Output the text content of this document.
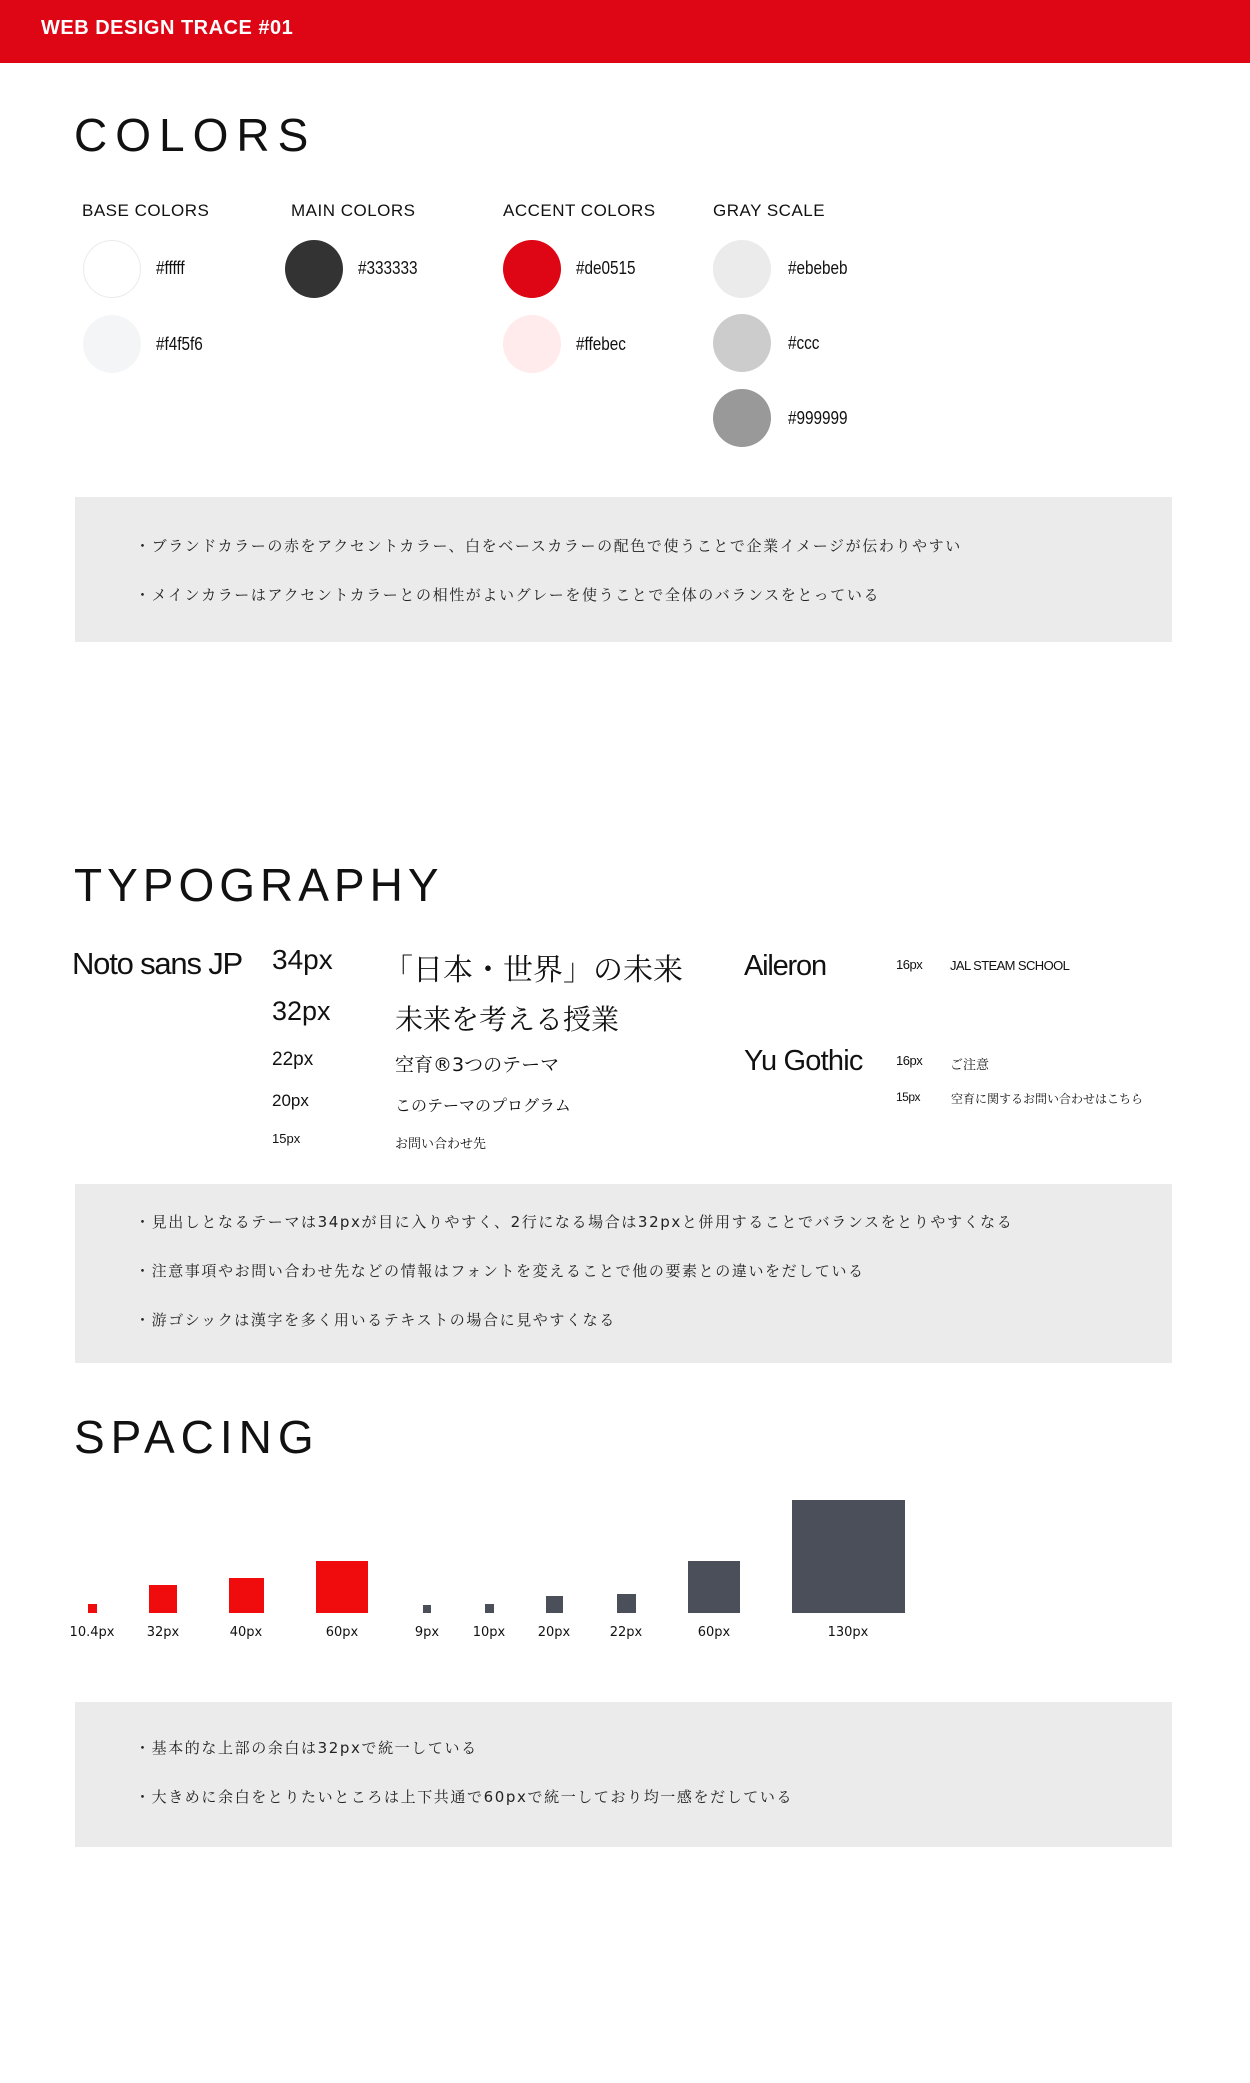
WEB DESIGN TRACE #01
COLORS
BASE COLORS
#fffff
#f4f5f6
MAIN COLORS
#333333
ACCENT COLORS
#de0515
#ffebec
GRAY SCALE
#ebebeb
#ccc
#999999
・ブランドカラーの赤をアクセントカラー、白をベースカラーの配色で使うことで企業イメージが伝わりやすい
・メインカラーはアクセントカラーとの相性がよいグレーを使うことで全体のバランスをとっている
TYPOGRAPHY
Noto sans JP 34px 「日本・世界」の未来
32px 未来を考える授業
22px	空育®3つのテーマ
20px	このテーマのプログラム
15px	お問い合わせ先
Aileron	16px JAL STEAM SCHOOL
Yu Gothic	16px ご注意
15px	空育に関するお問い合わせはこちら
・見出しとなるテーマは34pxが目に入りやすく、2行になる場合は32pxと併用することでバランスをとりやすくなる
・注意事項やお問い合わせ先などの情報はフォントを変えることで他の要素との違いをだしている
・游ゴシックは漢字を多く用いるテキストの場合に見やすくなる
SPACING
10.4px	32px	40px	60px	9px	10px	20px	22px	60px	130px
・基本的な上部の余白は32pxで統一している
・大きめに余白をとりたいところは上下共通で60pxで統一しており均一感をだしている
